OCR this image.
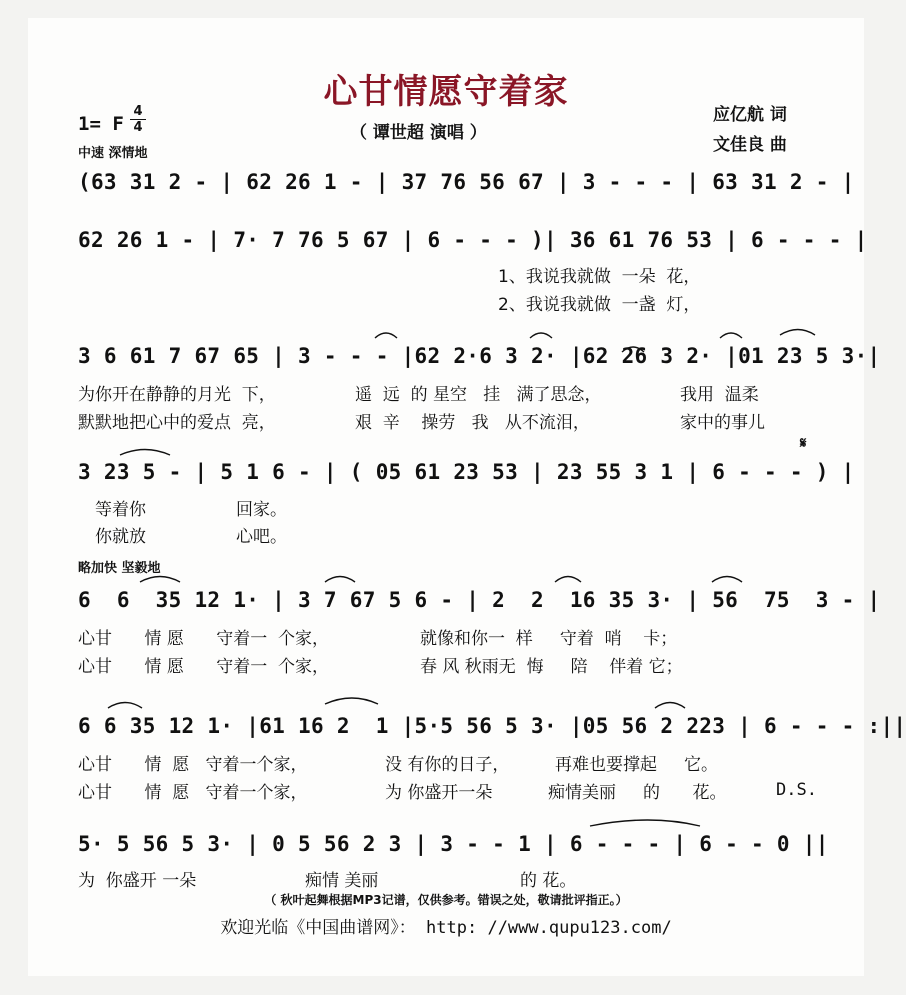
心甘情愿守着家
（ 谭世超 演唱 ）
1= F
4
4
应亿航 词
文佳良 曲
中速 深情地
(63 31 2 - | 62 26 1 - | 37 76 56 67 | 3 - - - | 63 31 2 - |
62 26 1 - | 7· 7 76 5 67 | 6 - - - )| 36 61 76 53 | 6 - - - |
1、我说我就做  一朵  花，
2、我说我就做  一盏  灯，
3 6 61 7 67 65 | 3 - - - |62 2·6 3 2· |62 26 3 2· |01 23 5 3·|
为你开在静静的月光  下，	遥  远  的 星空   挂   满了思念，	我用  温柔
默默地把心中的爱点  亮，	艰  辛    操劳   我   从不流泪，	家中的事儿
3 23 5 - | 5 1 6 - | ( 05 61 23 53 | 23 55 3 1 | 6 - - - ) |
𝄋
等着你	回家。
你就放	心吧。
略加快 坚毅地
6  6  35 12 1· | 3 7 67 5 6 - | 2  2  16 35 3· | 56  75  3 - |
心甘      情 愿      守着一  个家，	就像和你一  样     守着  哨    卡；
心甘      情 愿      守着一  个家，	春 风 秋雨无  悔     陪    伴着 它；
6 6 35 12 1· |61 16 2  1 |5·5 56 5 3· |05 56 2 223 | 6 - - - :||
心甘      情  愿   守着一个家，	没 有你的日子，	再难也要撑起     它。
心甘      情  愿   守着一个家，	为 你盛开一朵	痴情美丽     的      花。	D.S.
5· 5 56 5 3· | 0 5 56 2 3 | 3 - - 1 | 6 - - - | 6 - - 0 ||
为  你盛开 一朵	痴情 美丽	的 花。
（ 秋叶起舞根据MP3记谱，仅供参考。错误之处，敬请批评指正。）
欢迎光临《中国曲谱网》： http: //www.qupu123.com/
